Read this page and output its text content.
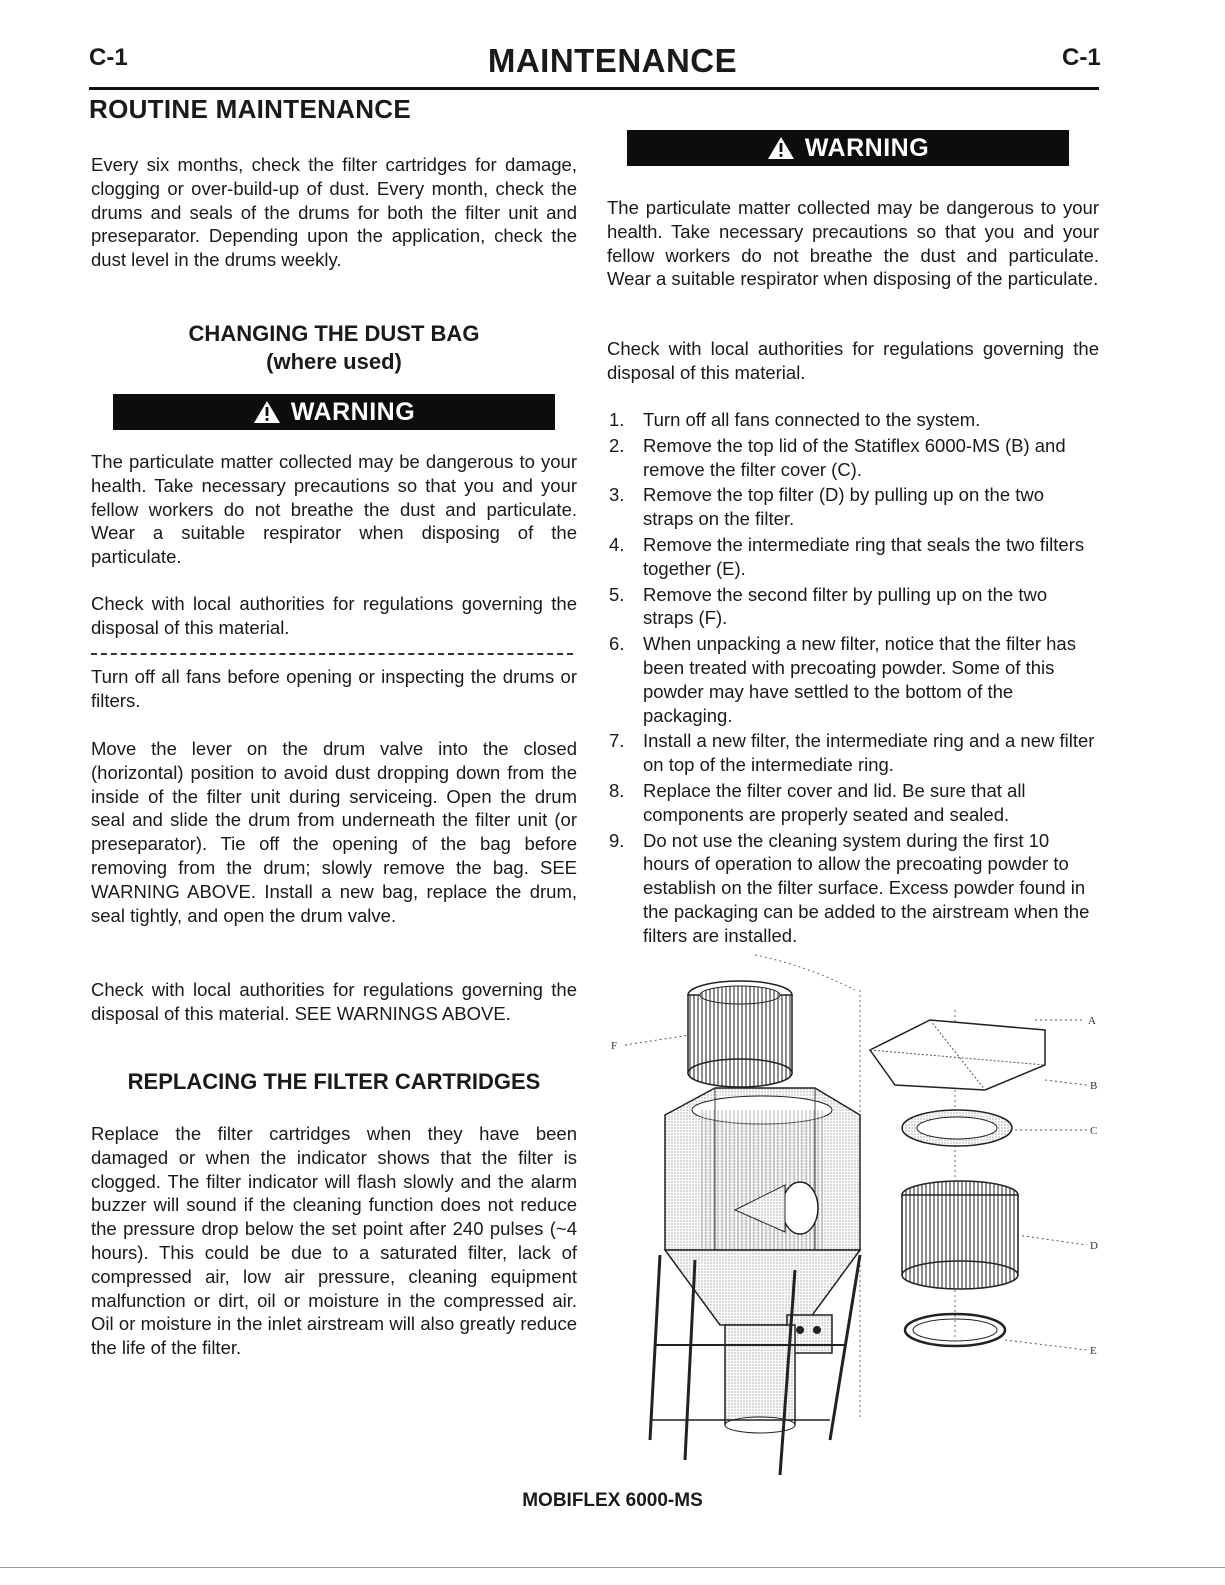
C-1	MAINTENANCE	C-1
ROUTINE MAINTENANCE

Every six months, check the filter cartridges for damage, clogging or over-build-up of dust. Every month, check the drums and seals of the drums for both the filter unit and preseparator. Depending upon the application, check the dust level in the drums weekly.

CHANGING THE DUST BAG
(where used)
WARNING

The particulate matter collected may be dangerous to your health. Take necessary precautions so that you and your fellow workers do not breathe the dust and particulate. Wear a suitable respirator when disposing of the particulate.

Check with local authorities for regulations governing the disposal of this material.

Turn off all fans before opening or inspecting the drums or filters.

Move the lever on the drum valve into the closed (horizontal) position to avoid dust dropping down from the inside of the filter unit during serviceing. Open the drum seal and slide the drum from underneath the filter unit (or preseparator). Tie off the opening of the bag before removing from the drum; slowly remove the bag. SEE WARNING ABOVE. Install a new bag, replace the drum, seal tightly, and open the drum valve.

Check with local authorities for regulations governing the disposal of this material. SEE WARNINGS ABOVE.

REPLACING THE FILTER CARTRIDGES

Replace the filter cartridges when they have been damaged or when the indicator shows that the filter is clogged. The filter indicator will flash slowly and the alarm buzzer will sound if the cleaning function does not reduce the pressure drop below the set point after 240 pulses (~4 hours). This could be due to a saturated filter, lack of compressed air, low air pressure, cleaning equipment malfunction or dirt, oil or moisture in the compressed air. Oil or moisture in the inlet airstream will also greatly reduce the life of the filter.

WARNING

The particulate matter collected may be dangerous to your health. Take necessary precautions so that you and your fellow workers do not breathe the dust and particulate. Wear a suitable respirator when disposing of the particulate.

Check with local authorities for regulations governing the disposal of this material.

1. Turn off all fans connected to the system.
2. Remove the top lid of the Statiflex 6000-MS (B) and remove the filter cover (C).
3. Remove the top filter (D) by pulling up on the two straps on the filter.
4. Remove the intermediate ring that seals the two filters together (E).
5. Remove the second filter by pulling up on the two straps (F).
6. When unpacking a new filter, notice that the filter has been treated with precoating powder. Some of this powder may have settled to the bottom of the packaging.
7. Install a new filter, the intermediate ring and a new filter on top of the intermediate ring.
8. Replace the filter cover and lid. Be sure that all components are properly seated and sealed.
9. Do not use the cleaning system during the first 10 hours of operation to allow the precoating powder to establish on the filter surface. Excess powder found in the packaging can be added to the airstream when the filters are installed.
F
A
B
C
D
E
MOBIFLEX 6000-MS
